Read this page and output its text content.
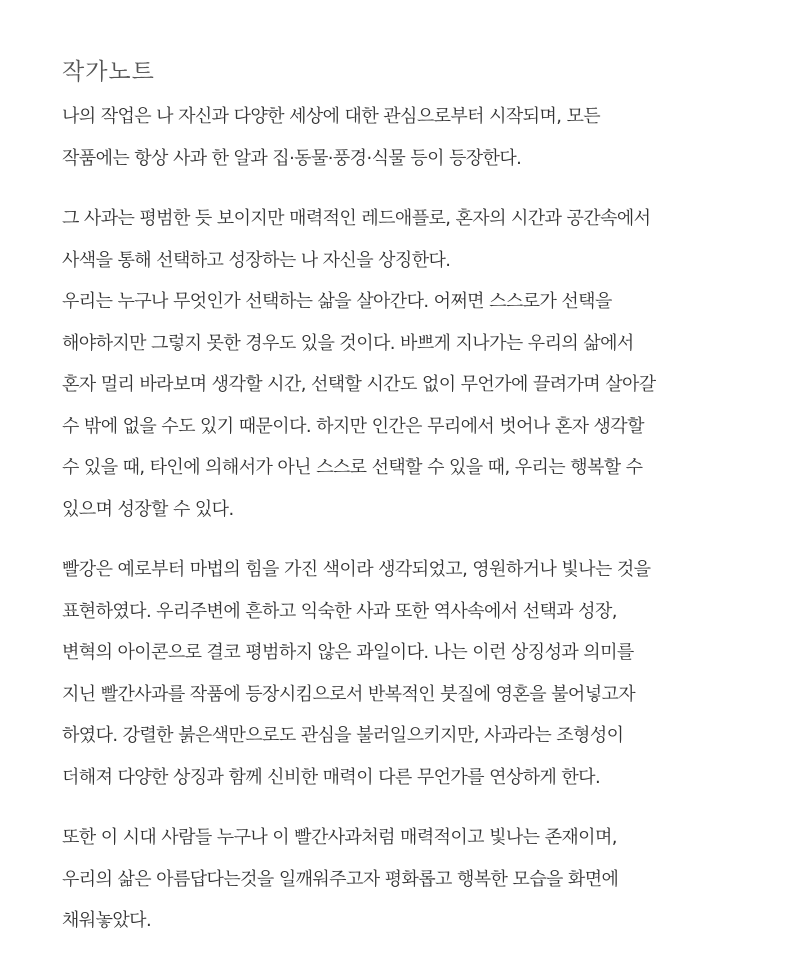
작가노트

나의 작업은 나 자신과 다양한 세상에 대한 관심으로부터 시작되며, 모든

작품에는 항상 사과 한 알과 집·동물·풍경·식물 등이 등장한다.

그 사과는 평범한 듯 보이지만 매력적인 레드애플로, 혼자의 시간과 공간속에서

사색을 통해 선택하고 성장하는 나 자신을 상징한다.

우리는 누구나 무엇인가 선택하는 삶을 살아간다. 어쩌면 스스로가 선택을

해야하지만 그렇지 못한 경우도 있을 것이다. 바쁘게 지나가는 우리의 삶에서

혼자 멀리 바라보며 생각할 시간, 선택할 시간도 없이 무언가에 끌려가며 살아갈

수 밖에 없을 수도 있기 때문이다. 하지만 인간은 무리에서 벗어나 혼자 생각할

수 있을 때, 타인에 의해서가 아닌 스스로 선택할 수 있을 때, 우리는 행복할 수

있으며 성장할 수 있다.

빨강은 예로부터 마법의 힘을 가진 색이라 생각되었고, 영원하거나 빛나는 것을

표현하였다. 우리주변에 흔하고 익숙한 사과 또한 역사속에서 선택과 성장,

변혁의 아이콘으로 결코 평범하지 않은 과일이다. 나는 이런 상징성과 의미를

지닌 빨간사과를 작품에 등장시킴으로서 반복적인 붓질에 영혼을 불어넣고자

하였다. 강렬한 붉은색만으로도 관심을 불러일으키지만, 사과라는 조형성이

더해져 다양한 상징과 함께 신비한 매력이 다른 무언가를 연상하게 한다.

또한 이 시대 사람들 누구나 이 빨간사과처럼 매력적이고 빛나는 존재이며,

우리의 삶은 아름답다는것을 일깨워주고자 평화롭고 행복한 모습을 화면에

채워놓았다.
